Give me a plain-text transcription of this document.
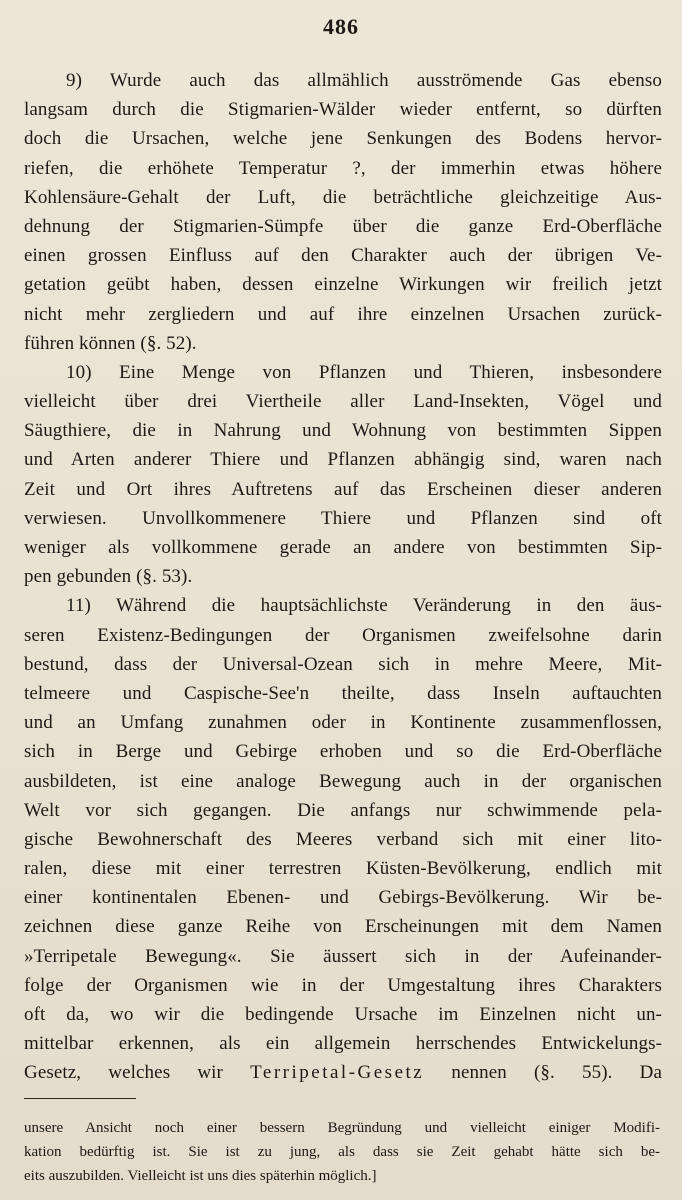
486
9) Wurde auch das allmählich ausströmende Gas ebenso
langsam durch die Stigmarien-Wälder wieder entfernt, so dürften
doch die Ursachen, welche jene Senkungen des Bodens hervor-
riefen, die erhöhete Temperatur ?, der immerhin etwas höhere
Kohlensäure-Gehalt der Luft, die beträchtliche gleichzeitige Aus-
dehnung der Stigmarien-Sümpfe über die ganze Erd-Oberfläche
einen grossen Einfluss auf den Charakter auch der übrigen Ve-
getation geübt haben, dessen einzelne Wirkungen wir freilich jetzt
nicht mehr zergliedern und auf ihre einzelnen Ursachen zurück-
führen können (§. 52).
10) Eine Menge von Pflanzen und Thieren, insbesondere
vielleicht über drei Viertheile aller Land-Insekten, Vögel und
Säugthiere, die in Nahrung und Wohnung von bestimmten Sippen
und Arten anderer Thiere und Pflanzen abhängig sind, waren nach
Zeit und Ort ihres Auftretens auf das Erscheinen dieser anderen
verwiesen. Unvollkommenere Thiere und Pflanzen sind oft
weniger als vollkommene gerade an andere von bestimmten Sip-
pen gebunden (§. 53).
11) Während die hauptsächlichste Veränderung in den äus-
seren Existenz-Bedingungen der Organismen zweifelsohne darin
bestund, dass der Universal-Ozean sich in mehre Meere, Mit-
telmeere und Caspische-See'n theilte, dass Inseln auftauchten
und an Umfang zunahmen oder in Kontinente zusammenflossen,
sich in Berge und Gebirge erhoben und so die Erd-Oberfläche
ausbildeten, ist eine analoge Bewegung auch in der organischen
Welt vor sich gegangen. Die anfangs nur schwimmende pela-
gische Bewohnerschaft des Meeres verband sich mit einer lito-
ralen, diese mit einer terrestren Küsten-Bevölkerung, endlich mit
einer kontinentalen Ebenen- und Gebirgs-Bevölkerung. Wir be-
zeichnen diese ganze Reihe von Erscheinungen mit dem Namen
»Terripetale Bewegung«. Sie äussert sich in der Aufeinander-
folge der Organismen wie in der Umgestaltung ihres Charakters
oft da, wo wir die bedingende Ursache im Einzelnen nicht un-
mittelbar erkennen, als ein allgemein herrschendes Entwickelungs-
Gesetz, welches wir Terripetal-Gesetz nennen (§. 55). Da
unsere Ansicht noch einer bessern Begründung und vielleicht einiger Modifi-
kation bedürftig ist. Sie ist zu jung, als dass sie Zeit gehabt hätte sich be-
eits auszubilden. Vielleicht ist uns dies späterhin möglich.]
